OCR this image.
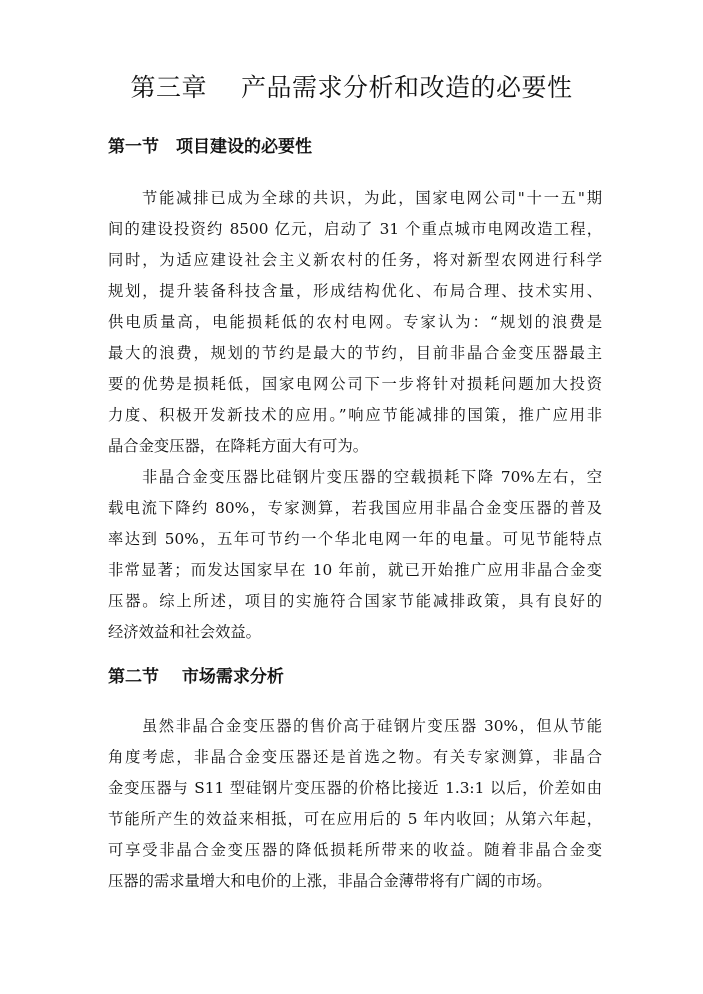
第三章　 产品需求分析和改造的必要性
第一节　项目建设的必要性
节能减排已成为全球的共识，为此，国家电网公司"十一五"期
间的建设投资约 8500 亿元，启动了 31 个重点城市电网改造工程，
同时，为适应建设社会主义新农村的任务，将对新型农网进行科学
规划，提升装备科技含量，形成结构优化、布局合理、技术实用、
供电质量高，电能损耗低的农村电网。专家认为：“规划的浪费是
最大的浪费，规划的节约是最大的节约，目前非晶合金变压器最主
要的优势是损耗低，国家电网公司下一步将针对损耗问题加大投资
力度、积极开发新技术的应用。”响应节能减排的国策，推广应用非
晶合金变压器，在降耗方面大有可为。
非晶合金变压器比硅钢片变压器的空载损耗下降 70%左右，空
载电流下降约 80%，专家测算，若我国应用非晶合金变压器的普及
率达到 50%，五年可节约一个华北电网一年的电量。可见节能特点
非常显著；而发达国家早在 10 年前，就已开始推广应用非晶合金变
压器。综上所述，项目的实施符合国家节能减排政策，具有良好的
经济效益和社会效益。
第二节　 市场需求分析
虽然非晶合金变压器的售价高于硅钢片变压器 30%，但从节能
角度考虑，非晶合金变压器还是首选之物。有关专家测算，非晶合
金变压器与 S11 型硅钢片变压器的价格比接近 1.3:1 以后，价差如由
节能所产生的效益来相抵，可在应用后的 5 年内收回；从第六年起，
可享受非晶合金变压器的降低损耗所带来的收益。随着非晶合金变
压器的需求量增大和电价的上涨，非晶合金薄带将有广阔的市场。
